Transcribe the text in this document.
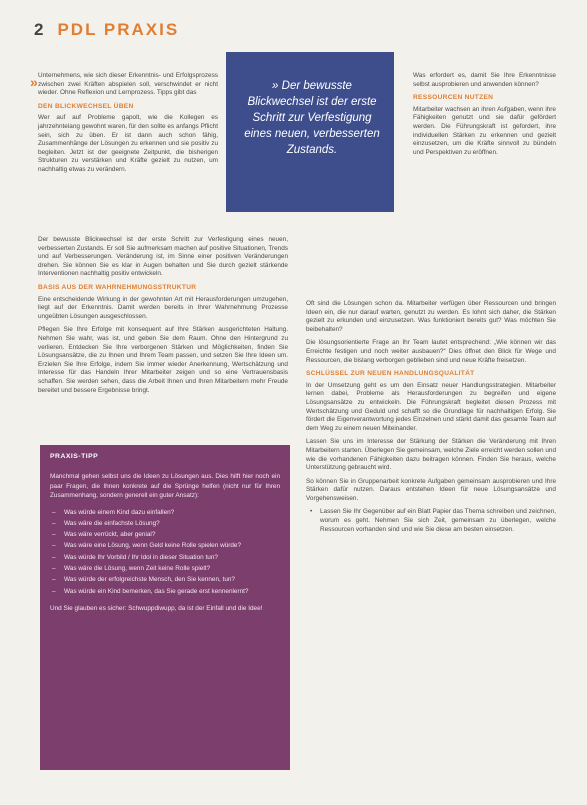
2 PDL PRAXIS
» Unternehmens, wie sich dieser Erkenntnis- und Erfolgsprozess zwischen zwei Kräften abspielen soll, verschwindet er nicht wieder. Ohne Reflexion und Lernprozess. Tipps gibt das

DEN BLICKWECHSEL ÜBEN

Wer auf auf Probleme gapolt, wie die Kollegen es jahrzehntelang gewohnt waren, für den sollte es anfangs Pflicht sein, sich zu üben. Er ist dann auch schon fähig, Zusammenhänge der Lösungen zu erkennen und sie positiv zu begleiten. Jetzt ist der geeignete Zeitpunkt, die bisherigen Strukturen zu verstärken und Kräfte gezielt zu nutzen, um nachhaltig etwas zu verändern.

» Der bewusste Blickwechsel ist der erste Schritt zur Verfestigung eines neuen, verbesserten Zustands.

Was erfordert es, damit Sie Ihre Erkenntnisse selbst ausprobieren und anwenden können?

RESSOURCEN NUTZEN

Mitarbeiter wachsen an ihren Aufgaben, wenn ihre Fähigkeiten genutzt und sie dafür gefördert werden. Die Führungskraft ist gefordert, ihre individuellen Stärken zu erkennen und gezielt einzusetzen, um die Kräfte sinnvoll zu bündeln und Perspektiven zu eröffnen.

Der bewusste Blickwechsel ist der erste Schritt zur Verfestigung eines neuen, verbesserten Zustands. Er soll Sie aufmerksam machen auf positive Situationen, Trends und auf Verbesserungen. Veränderung ist, im Sinne einer positiven Veränderungen drehen. Sie können Sie es klar in Augen behalten und Sie durch gezielt stärkende Interventionen nachhaltig positiv entwickeln.

BASIS AUS DER WAHRNEHMUNGSSTRUKTUR

Eine entscheidende Wirkung in der gewohnten Art mit Herausforderungen umzugehen, liegt auf der Erkenntnis. Damit werden bereits in Ihrer Wahrnehmung Prozesse ungeübten Lösungen ausgeschlossen.

Pflegen Sie Ihre Erfolge mit konsequent auf Ihre Stärken ausgerichteten Haltung. Nehmen Sie wahr, was ist, und geben Sie dem Raum. Ohne den Hintergrund zu verlieren. Entdecken Sie Ihre verborgenen Stärken und Möglichkeiten, finden Sie Lösungsansätze, die zu Ihnen und Ihrem Team passen, und setzen Sie Ihre Ideen um. Erzielen Sie Ihre Erfolge, indem Sie immer wieder Anerkennung, Wertschätzung und Interesse für das Handeln Ihrer Mitarbeiter zeigen und so eine Vertrauensbasis schaffen. Sie werden sehen, dass die Arbeit Ihnen und Ihren Mitarbeitern mehr Freude bereitet und bessere Ergebnisse bringt.

Oft sind die Lösungen schon da. Mitarbeiter verfügen über Ressourcen und bringen Ideen ein, die nur darauf warten, genutzt zu werden. Es lohnt sich daher, die Stärken gezielt zu erkunden und einzusetzen. Was funktioniert bereits gut? Was möchten Sie beibehalten?

Die lösungsorientierte Frage an Ihr Team lautet entsprechend: „Wie können wir das Erreichte festigen und noch weiter ausbauen?“ Dies öffnet den Blick für Wege und Ressourcen, die bislang verborgen geblieben sind und neue Kräfte freisetzen.

SCHLÜSSEL ZUR NEUEN HANDLUNGSQUALITÄT

In der Umsetzung geht es um den Einsatz neuer Handlungsstrategien. Mitarbeiter lernen dabei, Probleme als Herausforderungen zu begreifen und eigene Lösungsansätze zu entwickeln. Die Führungskraft begleitet diesen Prozess mit Wertschätzung und Geduld und schafft so die Grundlage für nachhaltigen Erfolg. Sie fördert die Eigenverantwortung jedes Einzelnen und stärkt damit das gesamte Team auf dem Weg zu einem neuen Miteinander.

Lassen Sie uns im Interesse der Stärkung der Stärken die Veränderung mit Ihren Mitarbeitern starten. Überlegen Sie gemeinsam, welche Ziele erreicht werden sollen und wie die vorhandenen Fähigkeiten dazu beitragen können. Finden Sie heraus, welche Unterstützung gebraucht wird.

So können Sie in Gruppenarbeit konkrete Aufgaben gemeinsam ausprobieren und Ihre Stärken dafür nutzen. Daraus entstehen Ideen für neue Lösungsansätze und Vorgehensweisen.

• Lassen Sie Ihr Gegenüber auf ein Blatt Papier das Thema schreiben und zeichnen, worum es geht. Nehmen Sie sich Zeit, gemeinsam zu überlegen, welche Ressourcen vorhanden sind und wie Sie diese am besten einsetzen.
PRAXIS-TIPP

Manchmal gehen selbst uns die Ideen zu Lösungen aus. Dies hilft hier noch ein paar Fragen, die Ihnen konkrete auf die Sprünge helfen (nicht nur für Ihren Zusammenhang, sondern generell ein guter Ansatz):

– Was würde einem Kind dazu einfallen?
– Was wäre die einfachste Lösung?
– Was wäre verrückt, aber genial?
– Was wäre eine Lösung, wenn Geld keine Rolle spielen würde?
– Was würde Ihr Vorbild / Ihr Idol in dieser Situation tun?
– Was wäre die Lösung, wenn Zeit keine Rolle spielt?
– Was würde der erfolgreichste Mensch, den Sie kennen, tun?
– Was würde ein Kind bemerken, das Sie gerade erst kennenlernt?

Und Sie glauben es sicher: Schwuppdiwupp, da ist der Einfall und die Idee!
